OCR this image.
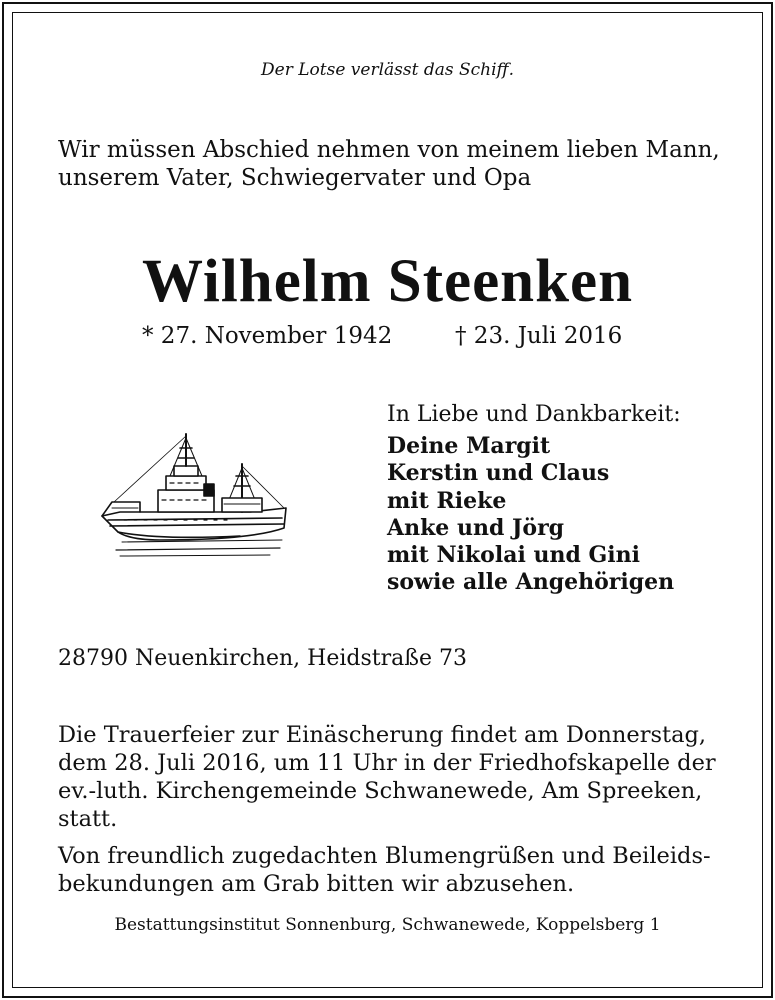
Der Lotse verlässt das Schiff.
Wir müssen Abschied nehmen von meinem lieben Mann,
unserem Vater, Schwiegervater und Opa
Wilhelm Steenken
* 27. November 1942	† 23. Juli 2016
In Liebe und Dankbarkeit:
Deine Margit
Kerstin und Claus
mit Rieke
Anke und Jörg
mit Nikolai und Gini
sowie alle Angehörigen
28790 Neuenkirchen, Heidstraße 73
Die Trauerfeier zur Einäscherung findet am Donnerstag,
dem 28. Juli 2016, um 11 Uhr in der Friedhofskapelle der
ev.-luth. Kirchengemeinde Schwanewede, Am Spreeken,
statt.
Von freundlich zugedachten Blumengrüßen und Beileids-
bekundungen am Grab bitten wir abzusehen.
Bestattungsinstitut Sonnenburg, Schwanewede, Koppelsberg 1
